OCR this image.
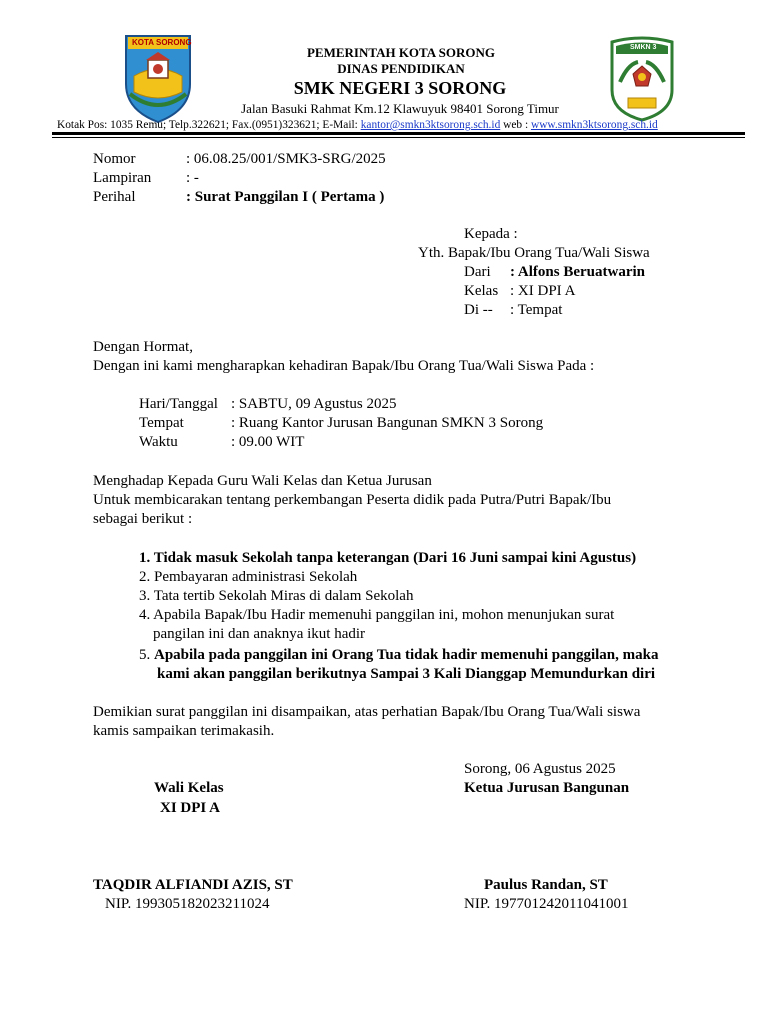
KOTA SORONG
SMKN 3
PEMERINTAH KOTA SORONG
DINAS PENDIDIKAN
SMK NEGERI 3 SORONG
Jalan Basuki Rahmat Km.12 Klawuyuk 98401 Sorong Timur
Kotak Pos: 1035 Remu; Telp.322621; Fax.(0951)323621; E-Mail: kantor@smkn3ktsorong.sch.id web : www.smkn3ktsorong.sch.id
Nomor	: 06.08.25/001/SMK3-SRG/2025
Lampiran : -
Perihal	: Surat Panggilan I ( Pertama )
Kepada :
Yth. Bapak/Ibu Orang Tua/Wali Siswa
Dari : Alfons Beruatwarin
Kelas : XI DPI A
Di -- : Tempat
Dengan Hormat,
Dengan ini kami mengharapkan kehadiran Bapak/Ibu Orang Tua/Wali Siswa Pada :
Hari/Tanggal : SABTU, 09 Agustus 2025
Tempat	: Ruang Kantor Jurusan Bangunan SMKN 3 Sorong
Waktu	: 09.00 WIT
Menghadap Kepada Guru Wali Kelas dan Ketua Jurusan
Untuk membicarakan tentang perkembangan Peserta didik pada Putra/Putri Bapak/Ibu
sebagai berikut :
1. Tidak masuk Sekolah tanpa keterangan (Dari 16 Juni sampai kini Agustus)
2. Pembayaran administrasi Sekolah
3. Tata tertib Sekolah Miras di dalam Sekolah
4. Apabila Bapak/Ibu Hadir memenuhi panggilan ini, mohon menunjukan surat
pangilan ini dan anaknya ikut hadir
5. Apabila pada panggilan ini Orang Tua tidak hadir memenuhi panggilan, maka
kami akan panggilan berikutnya Sampai 3 Kali Dianggap Memundurkan diri
Demikian surat panggilan ini disampaikan, atas perhatian Bapak/Ibu Orang Tua/Wali siswa
kamis sampaikan terimakasih.
Sorong, 06 Agustus 2025
Wali Kelas
XI DPI A
Ketua Jurusan Bangunan
TAQDIR ALFIANDI AZIS, ST
NIP. 199305182023211024
Paulus Randan, ST
NIP. 197701242011041001
